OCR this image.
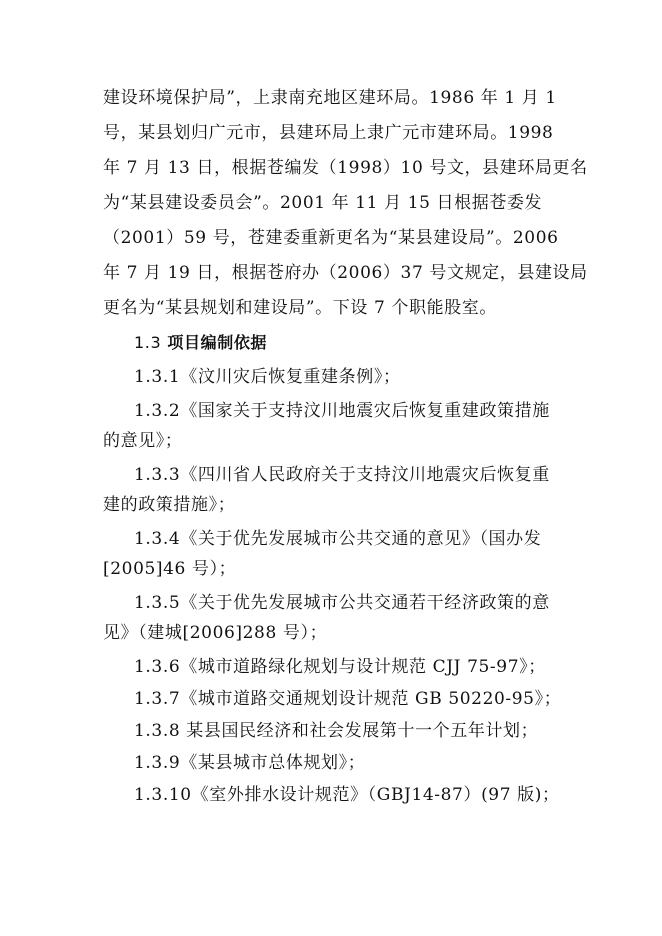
建设环境保护局”，上隶南充地区建环局。1986 年 1 月 1
号，某县划归广元市，县建环局上隶广元市建环局。1998
年 7 月 13 日，根据苍编发（1998）10 号文，县建环局更名
为“某县建设委员会”。2001 年 11 月 15 日根据苍委发
（2001）59 号，苍建委重新更名为“某县建设局”。2006
年 7 月 19 日，根据苍府办（2006）37 号文规定，县建设局
更名为“某县规划和建设局”。下设 7 个职能股室。
1.3 项目编制依据
1.3.1《汶川灾后恢复重建条例》；
1.3.2《国家关于支持汶川地震灾后恢复重建政策措施
的意见》；
1.3.3《四川省人民政府关于支持汶川地震灾后恢复重
建的政策措施》；
1.3.4《关于优先发展城市公共交通的意见》（国办发
[2005]46 号）；
1.3.5《关于优先发展城市公共交通若干经济政策的意
见》（建城[2006]288 号）；
1.3.6《城市道路绿化规划与设计规范 CJJ 75-97》；
1.3.7《城市道路交通规划设计规范 GB 50220-95》；
1.3.8 某县国民经济和社会发展第十一个五年计划；
1.3.9《某县城市总体规划》；
1.3.10《室外排水设计规范》（GBJ14-87）(97 版)；
